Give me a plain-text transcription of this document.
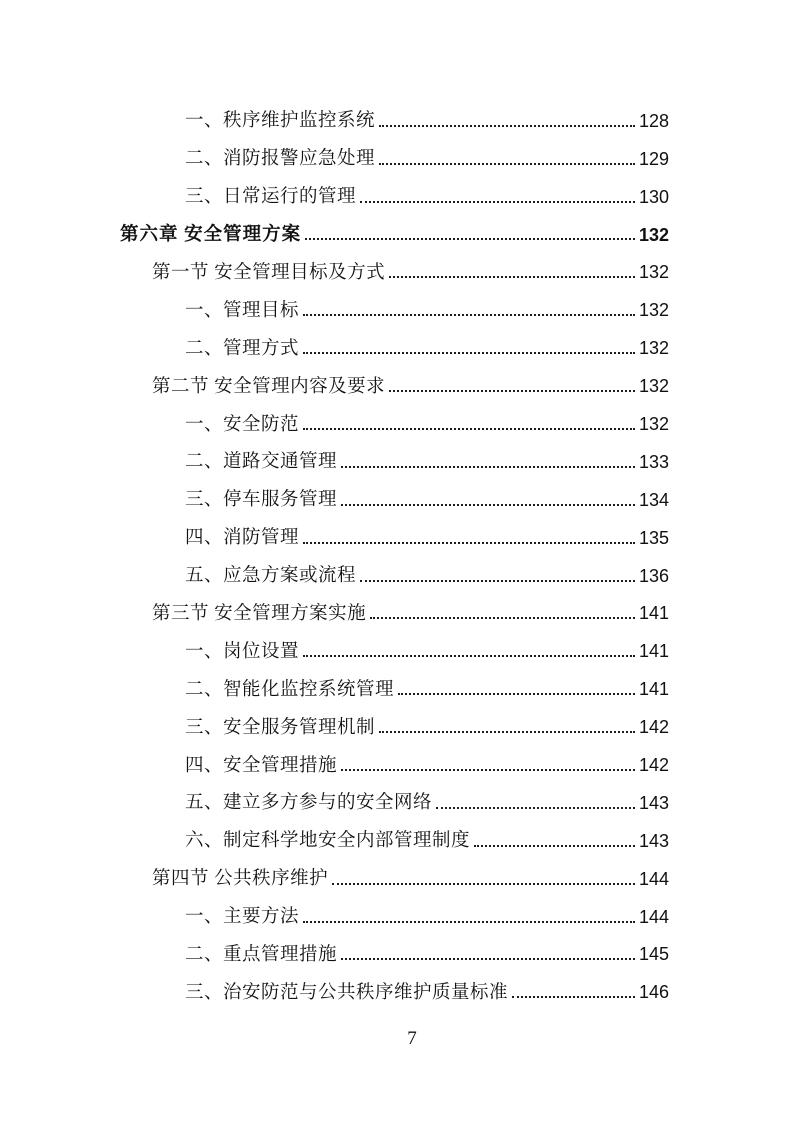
一、秩序维护监控系统	128
二、消防报警应急处理	129
三、日常运行的管理	130
第六章 安全管理方案	132
第一节 安全管理目标及方式	132
一、管理目标	132
二、管理方式	132
第二节 安全管理内容及要求	132
一、安全防范	132
二、道路交通管理	133
三、停车服务管理	134
四、消防管理	135
五、应急方案或流程	136
第三节 安全管理方案实施	141
一、岗位设置	141
二、智能化监控系统管理	141
三、安全服务管理机制	142
四、安全管理措施	142
五、建立多方参与的安全网络	143
六、制定科学地安全内部管理制度	143
第四节 公共秩序维护	144
一、主要方法	144
二、重点管理措施	145
三、治安防范与公共秩序维护质量标准	146
7
